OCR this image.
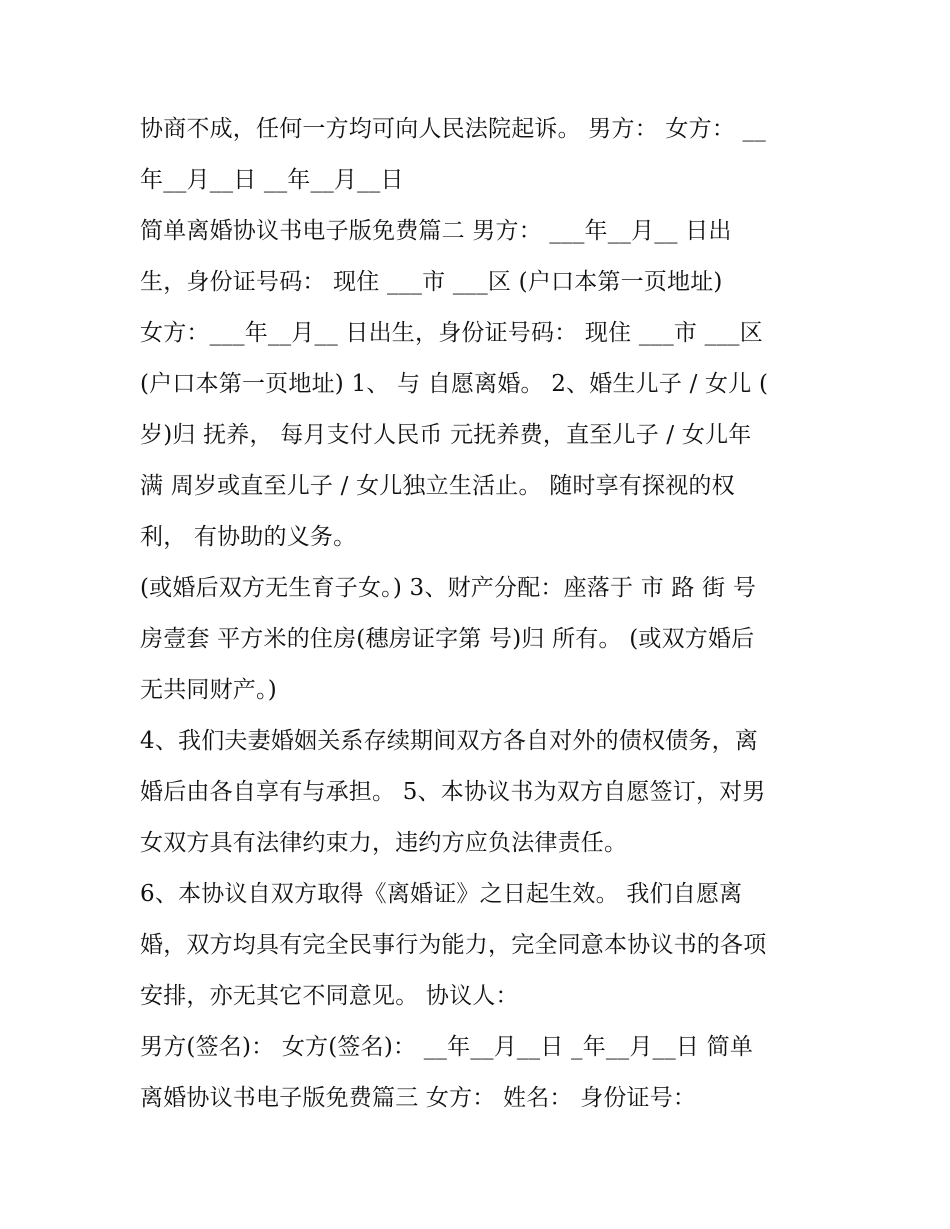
协商不成，任何一方均可向人民法院起诉。 男方： 女方： __
年__月__日 __年__月__日
简单离婚协议书电子版免费篇二 男方： ___年__月__ 日出
生，身份证号码： 现住 ___市 ___区 (户口本第一页地址)
女方：___年__月__ 日出生，身份证号码： 现住 ___市 ___区
(户口本第一页地址) 1、 与 自愿离婚。 2、婚生儿子 / 女儿 (
岁)归 抚养， 每月支付人民币 元抚养费，直至儿子 / 女儿年
满 周岁或直至儿子 / 女儿独立生活止。 随时享有探视的权
利， 有协助的义务。
(或婚后双方无生育子女。) 3、财产分配：座落于 市 路 街 号
房壹套 平方米的住房(穗房证字第 号)归 所有。 (或双方婚后
无共同财产。)
4、我们夫妻婚姻关系存续期间双方各自对外的债权债务，离
婚后由各自享有与承担。 5、本协议书为双方自愿签订，对男
女双方具有法律约束力，违约方应负法律责任。
6、本协议自双方取得《离婚证》之日起生效。 我们自愿离
婚，双方均具有完全民事行为能力，完全同意本协议书的各项
安排，亦无其它不同意见。 协议人：
男方(签名)： 女方(签名)： __年__月__日 _年__月__日 简单
离婚协议书电子版免费篇三 女方： 姓名： 身份证号：
